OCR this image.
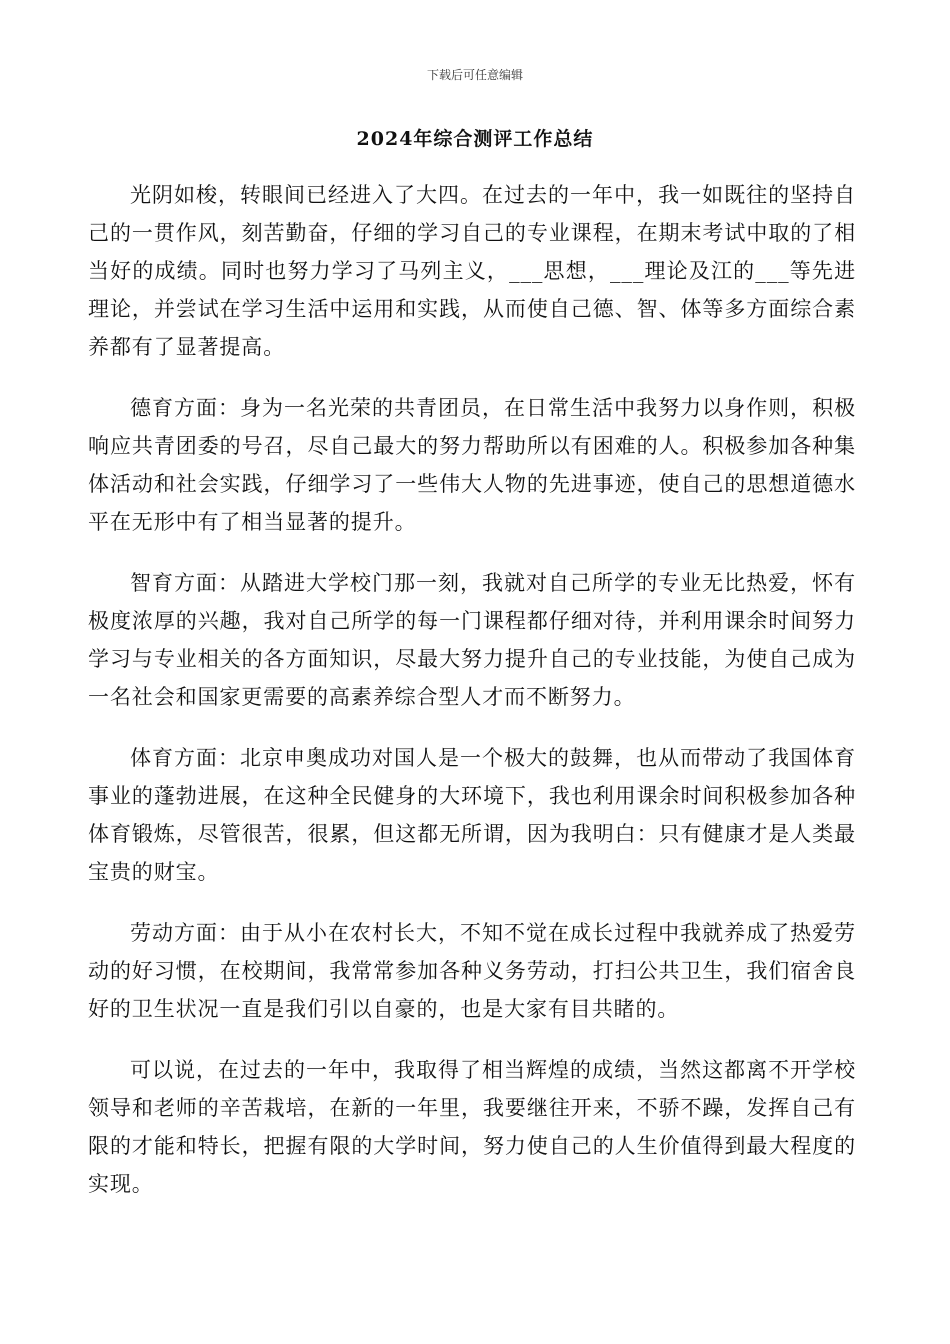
下载后可任意编辑
2024年综合测评工作总结

光阴如梭，转眼间已经进入了大四。在过去的一年中，我一如既往的坚持自己的一贯作风，刻苦勤奋，仔细的学习自己的专业课程，在期末考试中取的了相当好的成绩。同时也努力学习了马列主义，___思想，___理论及江的___等先进理论，并尝试在学习生活中运用和实践，从而使自己德、智、体等多方面综合素养都有了显著提高。

德育方面：身为一名光荣的共青团员，在日常生活中我努力以身作则，积极响应共青团委的号召，尽自己最大的努力帮助所以有困难的人。积极参加各种集体活动和社会实践，仔细学习了一些伟大人物的先进事迹，使自己的思想道德水平在无形中有了相当显著的提升。

智育方面：从踏进大学校门那一刻，我就对自己所学的专业无比热爱，怀有极度浓厚的兴趣，我对自己所学的每一门课程都仔细对待，并利用课余时间努力学习与专业相关的各方面知识，尽最大努力提升自己的专业技能，为使自己成为一名社会和国家更需要的高素养综合型人才而不断努力。

体育方面：北京申奥成功对国人是一个极大的鼓舞，也从而带动了我国体育事业的蓬勃进展，在这种全民健身的大环境下，我也利用课余时间积极参加各种体育锻炼，尽管很苦，很累，但这都无所谓，因为我明白：只有健康才是人类最宝贵的财宝。

劳动方面：由于从小在农村长大，不知不觉在成长过程中我就养成了热爱劳动的好习惯，在校期间，我常常参加各种义务劳动，打扫公共卫生，我们宿舍良好的卫生状况一直是我们引以自豪的，也是大家有目共睹的。

可以说，在过去的一年中，我取得了相当辉煌的成绩，当然这都离不开学校领导和老师的辛苦栽培，在新的一年里，我要继往开来，不骄不躁，发挥自己有限的才能和特长，把握有限的大学时间，努力使自己的人生价值得到最大程度的实现。
